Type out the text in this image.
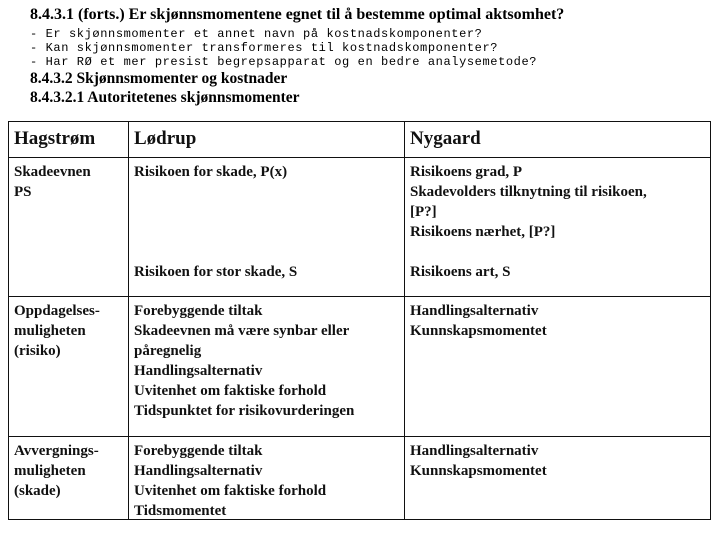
8.4.3.1 (forts.) Er skjønnsmomentene egnet til å bestemme optimal aktsomhet?
- Er skjønnsmomenter et annet navn på kostnadskomponenter?
- Kan skjønnsmomenter transformeres til kostnadskomponenter?
- Har RØ et mer presist begrepsapparat og en bedre analysemetode?
8.4.3.2 Skjønnsmomenter og kostnader
8.4.3.2.1 Autoritetenes skjønnsmomenter
Hagstrøm Lødrup	Nygaard
Skadeevnen
PS
Risikoen for skade, P(x)
Risikoen for stor skade, S
Risikoens grad, P
Skadevolders tilknytning til risikoen,
[P?]
Risikoens nærhet, [P?]
Risikoens art, S
Oppdagelses-
muligheten
(risiko)
Forebyggende tiltak
Skadeevnen må være synbar eller
påregnelig
Handlingsalternativ
Uvitenhet om faktiske forhold
Tidspunktet for risikovurderingen
Handlingsalternativ
Kunnskapsmomentet
Avvergnings-
muligheten
(skade)
Forebyggende tiltak
Handlingsalternativ
Uvitenhet om faktiske forhold
Tidsmomentet
Handlingsalternativ
Kunnskapsmomentet
